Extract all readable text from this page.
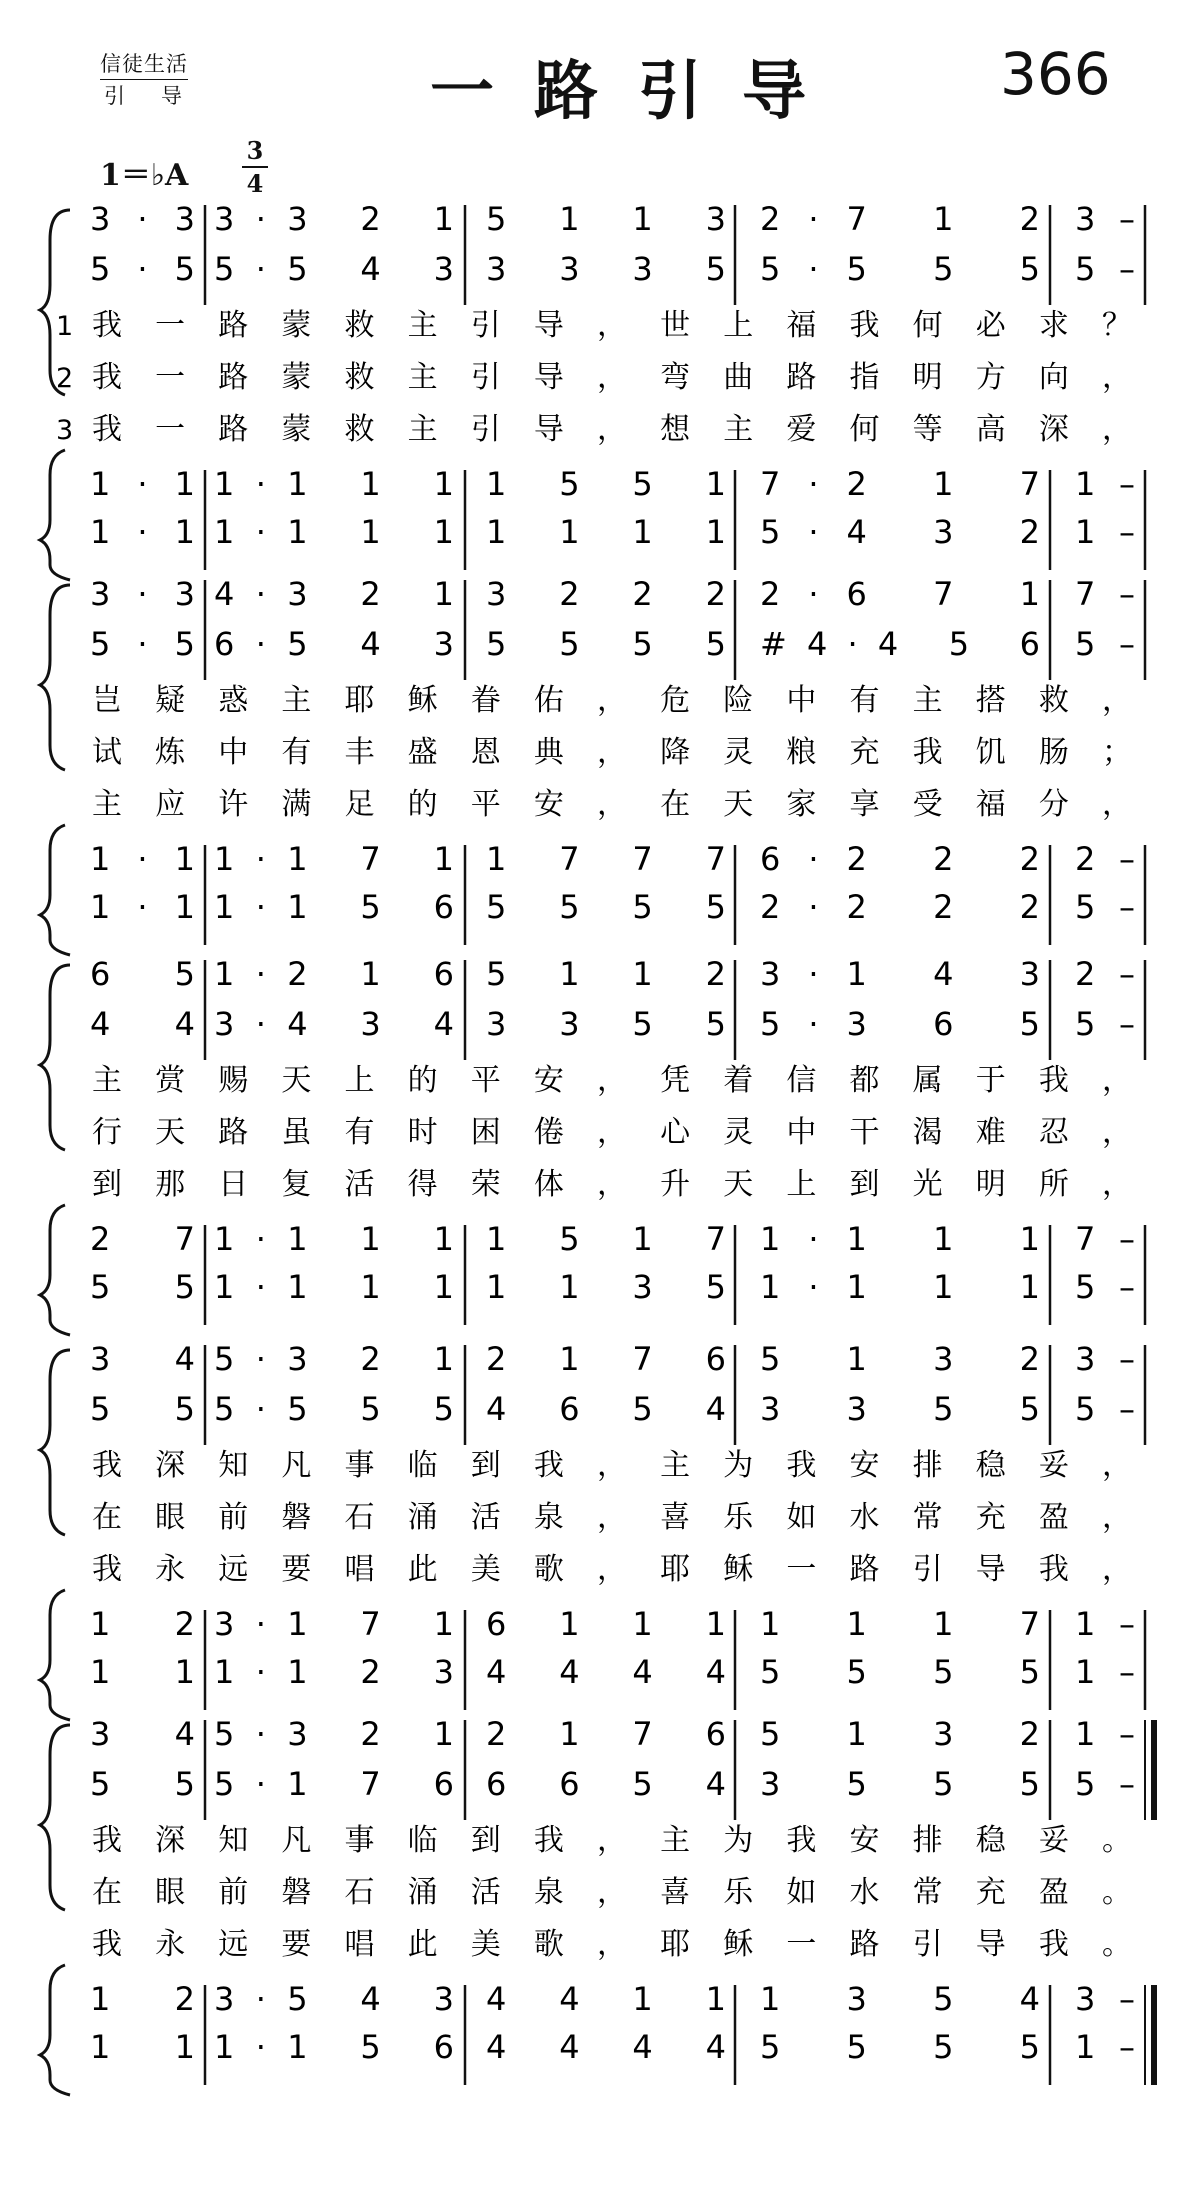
信徒生活
引导	一路引导	366
1＝♭A
3
4
3·3 3·3 2 1 5 1 1 3 2·7 1 2 3 –
5·5 5·5 4 3 3 3 3 5 5·5 5 5 5 –
1·1 1·1 1 1 1 5 5 1 7·2 1 7 1 –
1·1 1·1 1 1 1 1 1 1 5·4 3 2 1 –
1
2
3
我一路蒙救主引导，世上福我何必求？
我一路蒙救主引导，弯曲路指明方向，
我一路蒙救主引导，想主爱何等高深，
3·3 4·3 2 1 3 2 2 2 2·6 7 1 7 –
5·5 6·5 4 3 5 5 5 5 #4·4 5 6 5 –
1·1 1·1 7 1 1 7 7 7 6·2 2 2 2 –
1·1 1·1 5 6 5 5 5 5 2·2 2 2 5 –
岂疑惑主耶稣眷佑，危险中有主搭救，
试炼中有丰盛恩典，降灵粮充我饥肠；
主应许满足的平安，在天家享受福分，
6 5 1·2 1 6 5 1 1 2 3·1 4 3 2 –
4 4 3·4 3 4 3 3 5 5 5·3 6 5 5 –
2 7 1·1 1 1 1 5 1 7 1·1 1 1 7 –
5 5 1·1 1 1 1 1 3 5 1·1 1 1 5 –
主赏赐天上的平安，凭着信都属于我，
行天路虽有时困倦，心灵中干渴难忍，
到那日复活得荣体，升天上到光明所，
3 4 5·3 2 1 2 1 7 6 5 1 3 2 3 –
5 5 5·5 5 5 4 6 5 4 3 3 5 5 5 –
1 2 3·1 7 1 6 1 1 1 1 1 1 7 1 –
1 1 1·1 2 3 4 4 4 4 5 5 5 5 1 –
我深知凡事临到我，主为我安排稳妥，
在眼前磐石涌活泉，喜乐如水常充盈，
我永远要唱此美歌，耶稣一路引导我，
3 4 5·3 2 1 2 1 7 6 5 1 3 2 1 –
5 5 5·1 7 6 6 6 5 4 3 5 5 5 5 –
1 2 3·5 4 3 4 4 1 1 1 3 5 4 3 –
1 1 1·1 5 6 4 4 4 4 5 5 5 5 1 –
我深知凡事临到我，主为我安排稳妥。
在眼前磐石涌活泉，喜乐如水常充盈。
我永远要唱此美歌，耶稣一路引导我。
